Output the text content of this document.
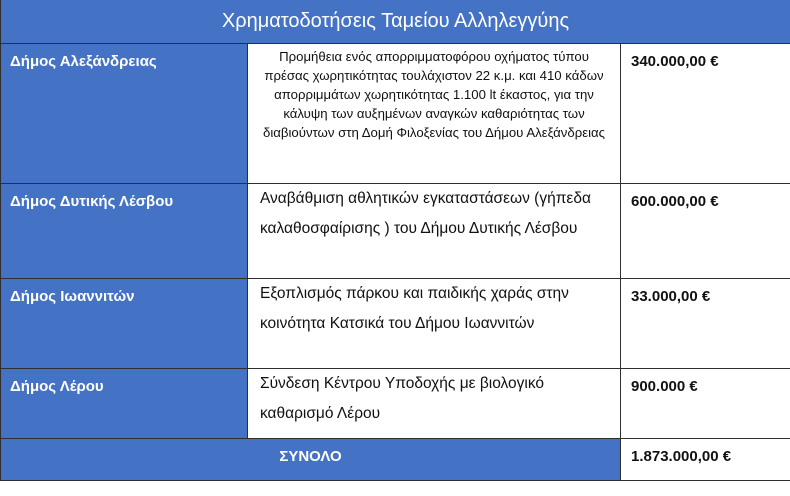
Χρηματοδοτήσεις Ταμείου Αλληλεγγύης		
Δήμος Αλεξάνδρειας	Προμήθεια ενός απορριμματοφόρου οχήματος τύπου πρέσας χωρητικότητας τουλάχιστον 22 κ.μ. και 410 κάδων απορριμμάτων χωρητικότητας 1.100 lt έκαστος, για την κάλυψη των αυξημένων αναγκών καθαριότητας των διαβιούντων στη Δομή Φιλοξενίας του Δήμου Αλεξάνδρειας	340.000,00 €
Δήμος Δυτικής Λέσβου	Αναβάθμιση αθλητικών εγκαταστάσεων (γήπεδα καλαθοσφαίρισης ) του Δήμου Δυτικής Λέσβου	600.000,00 €
Δήμος Ιωαννιτών	Εξοπλισμός πάρκου και παιδικής χαράς στην κοινότητα Κατσικά του Δήμου Ιωαννιτών	33.000,00 €
Δήμος Λέρου	Σύνδεση Κέντρου Υποδοχής με βιολογικό καθαρισμό Λέρου	900.000 €
ΣΥΝΟΛΟ		1.873.000,00 €
